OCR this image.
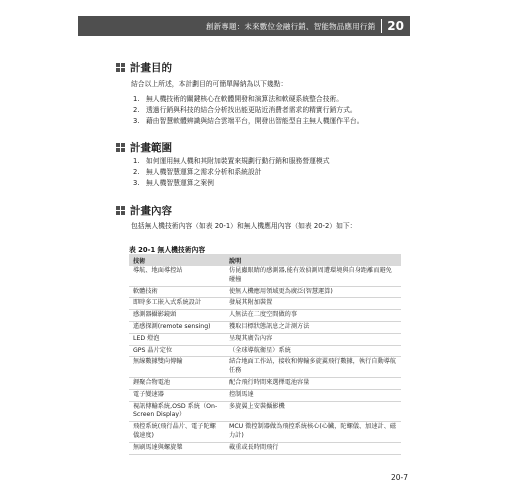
創新專題：未來數位金融行銷、智能物品應用行銷 20
計畫目的
結合以上所述，本計劃目的可簡單歸納為以下幾點：
1. 無人機技術的關鍵核心在軟體開發和演算法和軟硬系統整合技術。
2. 透過行銷與科技的結合分析找出能更貼近消費者需求的精實行銷方式。
3. 藉由智慧軟體辨識與結合雲端平台，開發出智能型自主無人機運作平台。
計畫範圍
1. 如何運用無人機和其附加裝置來規劃行動行銷和服務營運模式
2. 無人機智慧運算之需求分析和系統設計
3. 無人機智慧運算之案例
計畫內容
包括無人機技術內容（如表 20-1）和無人機應用內容（如表 20-2）如下：
表 20-1 無人機技術內容
技術	說明
導航、地面導控站	仿昆蟲眼睛的感測器,能有效偵測周遭環境與自身距離而避免碰撞
軟體技術	使無人機應用領域更為廣泛(智慧運算)
即時多工嵌入式系統設計	發展其附加裝置
感測器攝影鏡頭	人無法在二度空間做的事
遙感探測(remote sensing)	獲取目標狀態訊息之計測方法
LED 燈泡	呈現其廣告內容
GPS 晶片定位	（全球導航衛星）系統
無線數據雙向傳輸	結合地面工作站，接收和傳輸多旋翼飛行數據，執行自動導航任務
鋰聚合物電池	配合飛行時間來選擇電池容量
電子變速器	控制馬達
視訊傳輸系統,OSD 系統（On-Screen Display）	多旋翼上安裝攝影機
飛控系統(飛行晶片、電子陀螺儀速度)	MCU 微控制器做為飛控系統核心(心臟，陀螺儀、加速計、磁力計)
無刷馬達與螺旋槳	載重或長時間飛行
20-7
